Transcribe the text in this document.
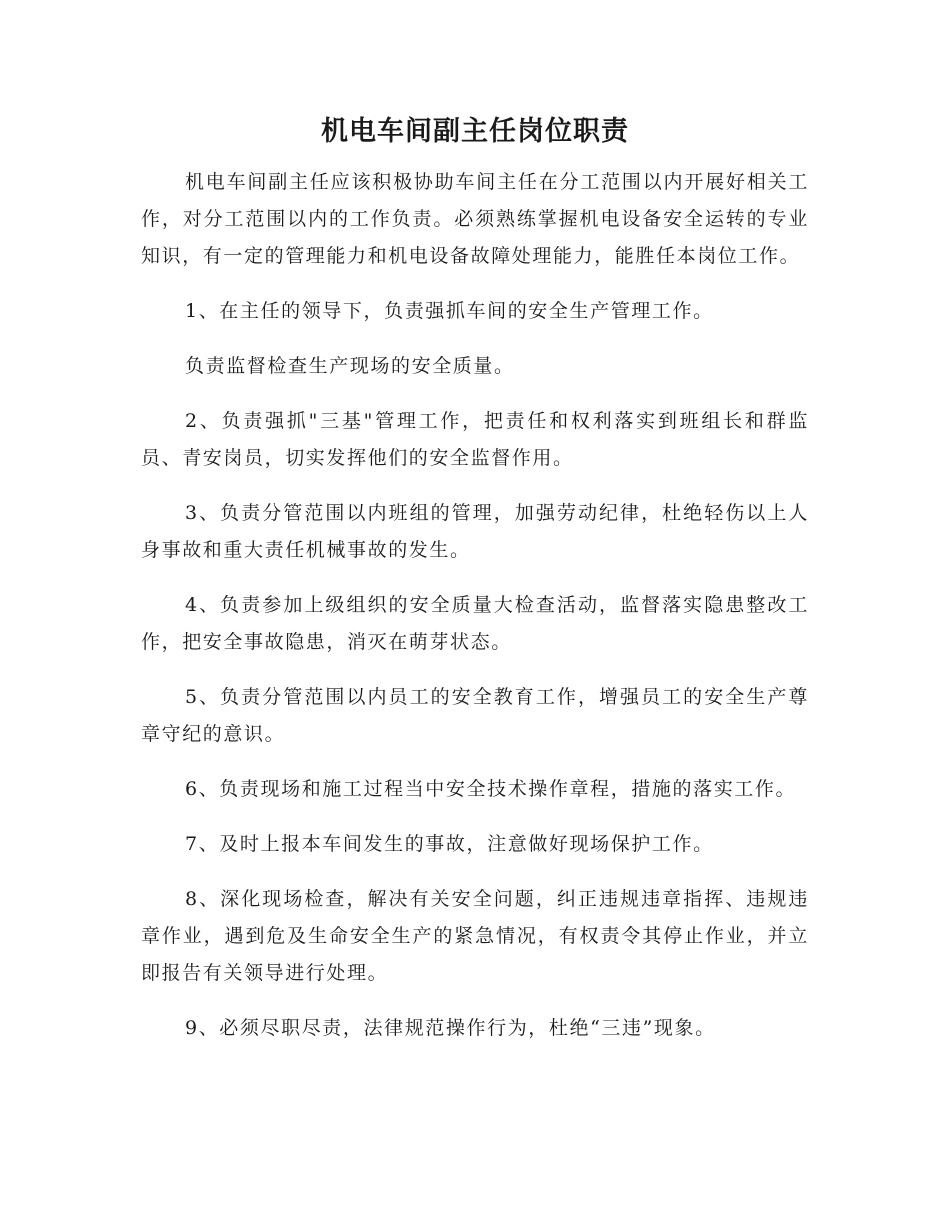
机电车间副主任岗位职责

机电车间副主任应该积极协助车间主任在分工范围以内开展好相关工作，对分工范围以内的工作负责。必须熟练掌握机电设备安全运转的专业知识，有一定的管理能力和机电设备故障处理能力，能胜任本岗位工作。

1、在主任的领导下，负责强抓车间的安全生产管理工作。

负责监督检查生产现场的安全质量。

2、负责强抓"三基"管理工作，把责任和权利落实到班组长和群监员、青安岗员，切实发挥他们的安全监督作用。

3、负责分管范围以内班组的管理，加强劳动纪律，杜绝轻伤以上人身事故和重大责任机械事故的发生。

4、负责参加上级组织的安全质量大检查活动，监督落实隐患整改工作，把安全事故隐患，消灭在萌芽状态。

5、负责分管范围以内员工的安全教育工作，增强员工的安全生产尊章守纪的意识。

6、负责现场和施工过程当中安全技术操作章程，措施的落实工作。

7、及时上报本车间发生的事故，注意做好现场保护工作。

8、深化现场检查，解决有关安全问题，纠正违规违章指挥、违规违章作业，遇到危及生命安全生产的紧急情况，有权责令其停止作业，并立即报告有关领导进行处理。

9、必须尽职尽责，法律规范操作行为，杜绝“三违”现象。
